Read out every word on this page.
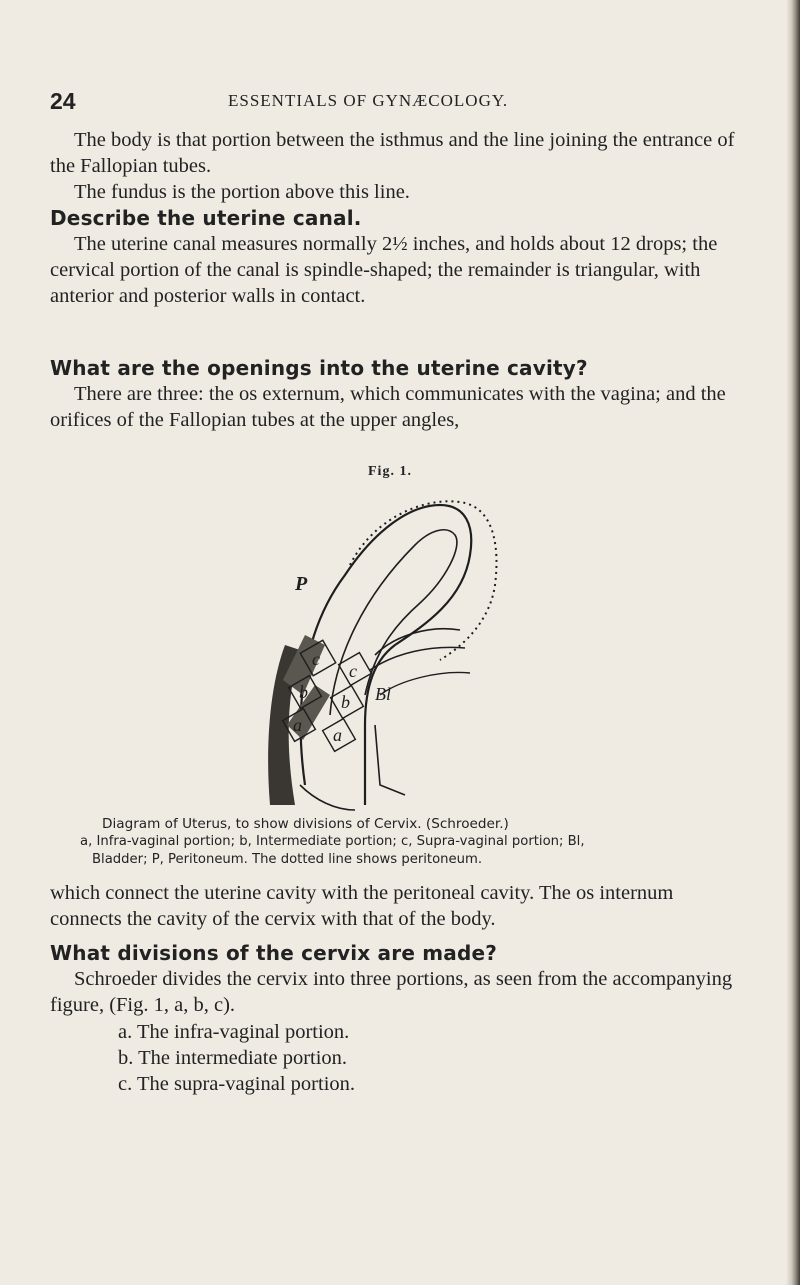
24	ESSENTIALS OF GYNÆCOLOGY.

The body is that portion between the isthmus and the line joining the entrance of the Fallopian tubes.

The fundus is the portion above this line.

Describe the uterine canal.

The uterine canal measures normally 2½ inches, and holds about 12 drops; the cervical portion of the canal is spindle-shaped; the remainder is triangular, with anterior and posterior walls in contact.

What are the openings into the uterine cavity?

There are three: the os externum, which communicates with the vagina; and the orifices of the Fallopian tubes at the upper angles,

Fig. 1.
P
c
c
b b
a a
Bl
Diagram of Uterus, to show divisions of Cervix. (Schroeder.)
a, Infra-vaginal portion; b, Intermediate portion; c, Supra-vaginal portion; Bl,
Bladder; P, Peritoneum. The dotted line shows peritoneum.

which connect the uterine cavity with the peritoneal cavity. The os internum connects the cavity of the cervix with that of the body.

What divisions of the cervix are made?

Schroeder divides the cervix into three portions, as seen from the accompanying figure, (Fig. 1, a, b, c).

a. The infra-vaginal portion.

b. The intermediate portion.

c. The supra-vaginal portion.
